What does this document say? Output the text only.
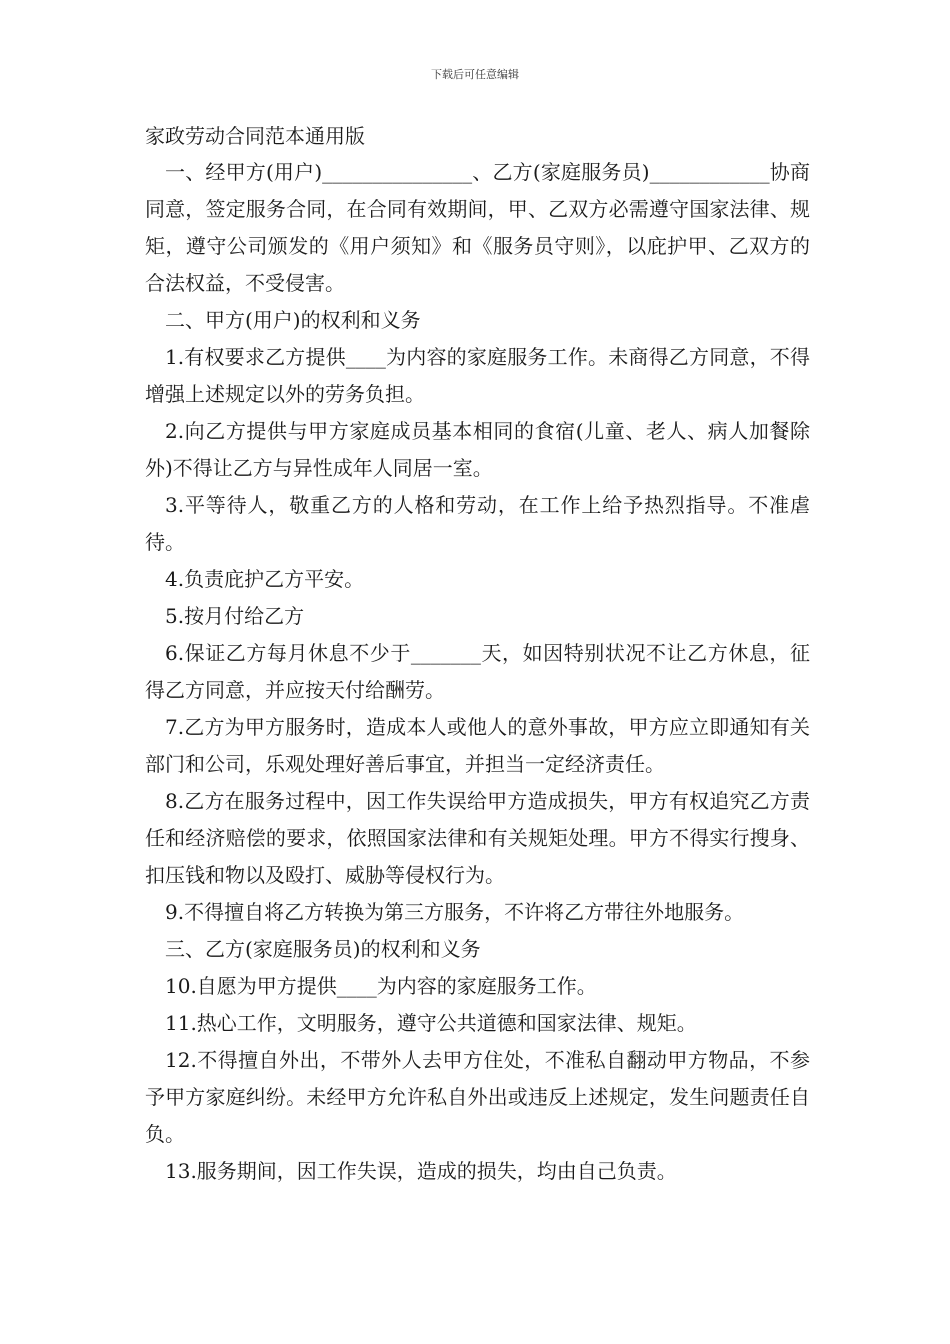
下载后可任意编辑

家政劳动合同范本通用版

一、经甲方(用户)_______________、乙方(家庭服务员)____________协商同意，签定服务合同，在合同有效期间，甲、乙双方必需遵守国家法律、规矩，遵守公司颁发的《用户须知》和《服务员守则》，以庇护甲、乙双方的合法权益，不受侵害。

二、甲方(用户)的权利和义务

1.有权要求乙方提供____为内容的家庭服务工作。未商得乙方同意，不得增强上述规定以外的劳务负担。

2.向乙方提供与甲方家庭成员基本相同的食宿(儿童、老人、病人加餐除外)不得让乙方与异性成年人同居一室。

3.平等待人，敬重乙方的人格和劳动，在工作上给予热烈指导。不准虐待。

4.负责庇护乙方平安。

5.按月付给乙方

6.保证乙方每月休息不少于_______天，如因特别状况不让乙方休息，征得乙方同意，并应按天付给酬劳。

7.乙方为甲方服务时，造成本人或他人的意外事故，甲方应立即通知有关部门和公司，乐观处理好善后事宜，并担当一定经济责任。

8.乙方在服务过程中，因工作失误给甲方造成损失，甲方有权追究乙方责任和经济赔偿的要求，依照国家法律和有关规矩处理。甲方不得实行搜身、扣压钱和物以及殴打、威胁等侵权行为。

9.不得擅自将乙方转换为第三方服务，不许将乙方带往外地服务。

三、乙方(家庭服务员)的权利和义务

10.自愿为甲方提供____为内容的家庭服务工作。

11.热心工作，文明服务，遵守公共道德和国家法律、规矩。

12.不得擅自外出，不带外人去甲方住处，不准私自翻动甲方物品，不参予甲方家庭纠纷。未经甲方允许私自外出或违反上述规定，发生问题责任自负。

13.服务期间，因工作失误，造成的损失，均由自己负责。
